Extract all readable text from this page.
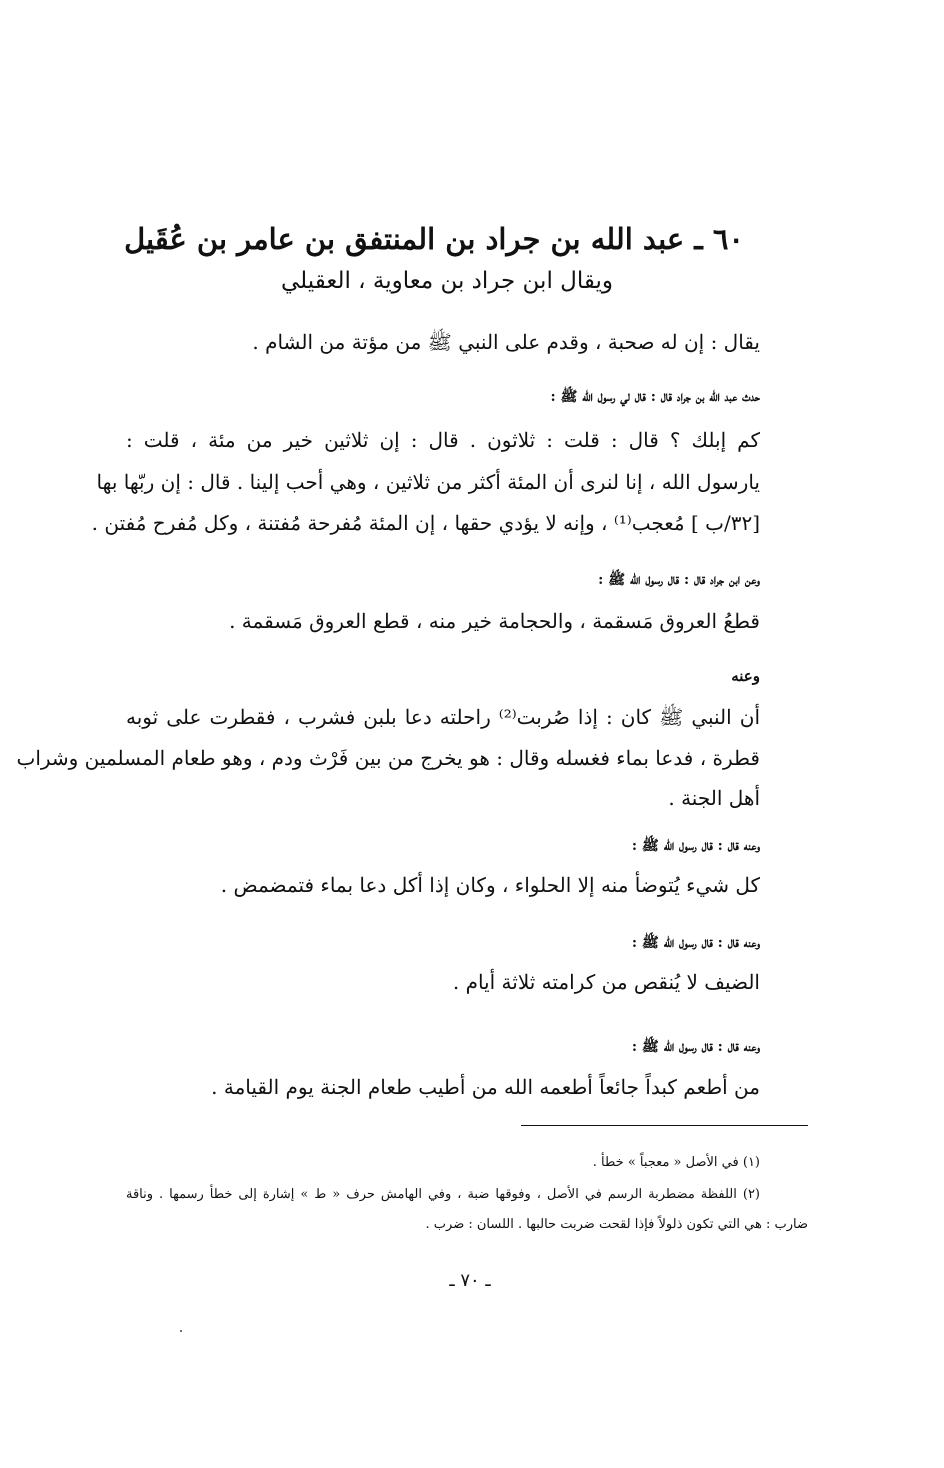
٦٠ ـ عبد الله بن جراد بن المنتفق بن عامر بن عُقَيل
ويقال ابن جراد بن معاوية ، العقيلي
يقال : إن له صحبة ، وقدم على النبي ﷺ من مؤتة من الشام .
حدث عبد الله بن جراد قال : قال لي رسول الله ﷺ :
كم إبلك ؟ قال : قلت : ثلاثون . قال : إن ثلاثين خير من مئة ، قلت :
يارسول الله ، إنا لنرى أن المئة أكثر من ثلاثين ، وهي أحب إلينا . قال : إن ربّها بها
[٣٢/ب ] مُعجب⁽¹⁾ ، وإنه لا يؤدي حقها ، إن المئة مُفرحة مُفتنة ، وكل مُفرح مُفتن .
وعن ابن جراد قال : قال رسول الله ﷺ :
قطعُ العروق مَسقمة ، والحجامة خير منه ، قطع العروق مَسقمة .
وعنه
أن النبي ﷺ كان : إذا صُربت⁽²⁾ راحلته دعا بلبن فشرب ، فقطرت على ثوبه
قطرة ، فدعا بماء فغسله وقال : هو يخرج من بين فَرْث ودم ، وهو طعام المسلمين وشراب
أهل الجنة .
وعنه قال : قال رسول الله ﷺ :
كل شيء يُتوضأ منه إلا الحلواء ، وكان إذا أكل دعا بماء فتمضمض .
وعنه قال : قال رسول الله ﷺ :
الضيف لا يُنقص من كرامته ثلاثة أيام .
وعنه قال : قال رسول الله ﷺ :
من أطعم كبداً جائعاً أطعمه الله من أطيب طعام الجنة يوم القيامة .
(١) في الأصل « معجباً » خطأ .
(٢) اللفظة مضطربة الرسم في الأصل ، وفوقها ضبة ، وفي الهامش حرف « ط » إشارة إلى خطأ رسمها . وناقة
ضارب : هي التي تكون ذلولاً فإذا لقحت ضربت حالبها . اللسان : ضرب .
ـ ٧٠ ـ
